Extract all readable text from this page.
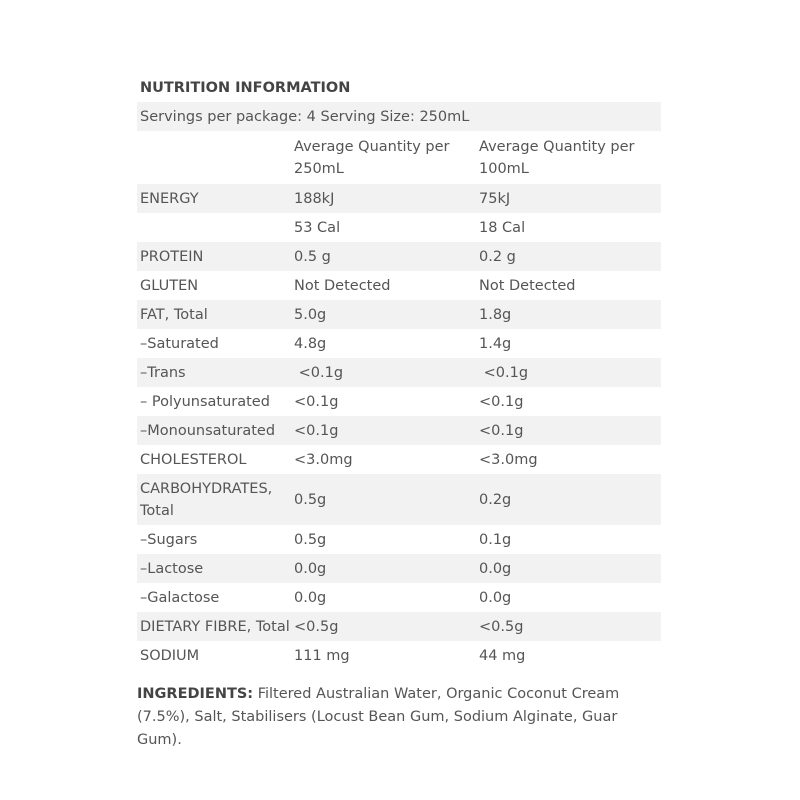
NUTRITION INFORMATION
Servings per package: 4 Serving Size: 250mL		
	Average Quantity per 250mL	Average Quantity per 100mL
ENERGY	188kJ	75kJ
	53 Cal	18 Cal
PROTEIN	0.5 g	0.2 g
GLUTEN	Not Detected	Not Detected
FAT, Total	5.0g	1.8g
–Saturated	4.8g	1.4g
–Trans	<0.1g	<0.1g
– Polyunsaturated	<0.1g	<0.1g
–Monounsaturated	<0.1g	<0.1g
CHOLESTEROL	<3.0mg	<3.0mg
CARBOHYDRATES, Total	0.5g	0.2g
–Sugars	0.5g	0.1g
–Lactose	0.0g	0.0g
–Galactose	0.0g	0.0g
DIETARY FIBRE, Total	<0.5g	<0.5g
SODIUM	111 mg	44 mg
INGREDIENTS: Filtered Australian Water, Organic Coconut Cream (7.5%), Salt, Stabilisers (Locust Bean Gum, Sodium Alginate, Guar Gum).
